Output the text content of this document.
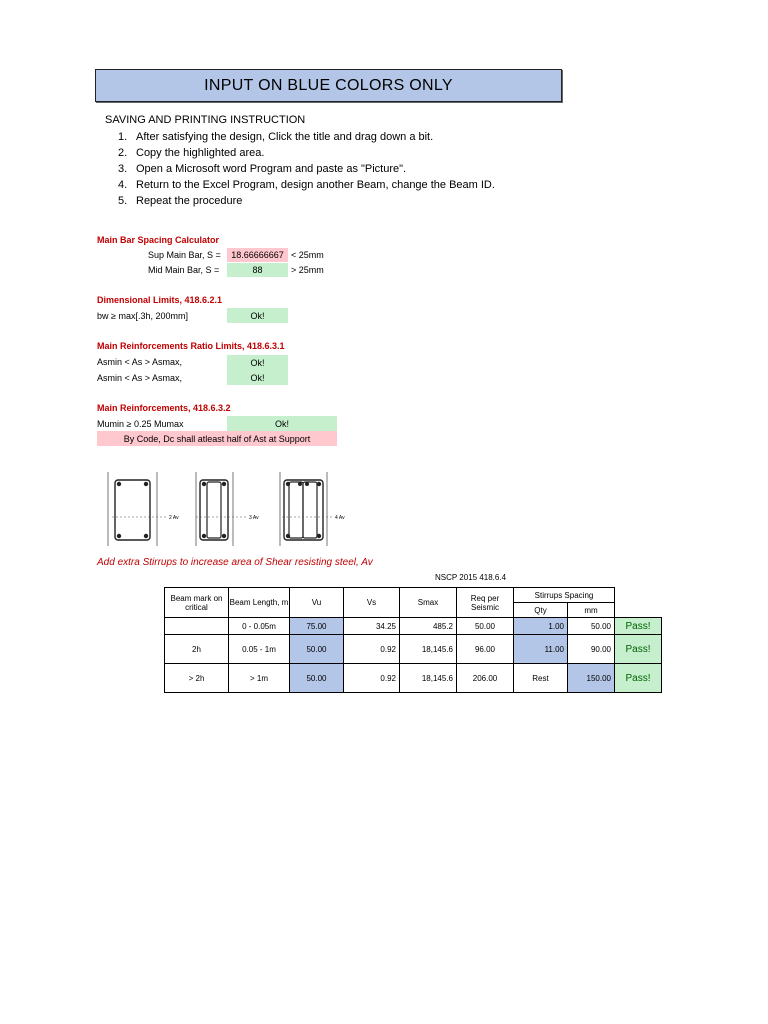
INPUT ON BLUE COLORS ONLY
SAVING AND PRINTING INSTRUCTION
1. After satisfying the design, Click the title and drag down a bit.
2. Copy the highlighted area.
3. Open a Microsoft word Program and paste as "Picture".
4. Return to the Excel Program, design another Beam, change the Beam ID.
5. Repeat the procedure
Main Bar Spacing Calculator
Sup Main Bar, S =	18.66666667 < 25mm
Mid Main Bar, S =	88	> 25mm
Dimensional Limits, 418.6.2.1
bw ≥ max[.3h, 200mm]	Ok!
Main Reinforcements Ratio Limits, 418.6.3.1
Asmin < As > Asmax,	Ok!
Asmin < As > Asmax,	Ok!
Main Reinforcements, 418.6.3.2
Mumin ≥ 0.25 Mumax	Ok!
By Code, Dc shall atleast half of Ast at Support
2 Av	3 Av	4 Av
Add extra Stirrups to increase area of Shear resisting steel, Av
NSCP 2015 418.6.4
Beam mark on critical	Beam Length, m	Vu	Vs	Smax	Req per Seismic	Stirrups Spacing		
						Qty	mm	
	0 - 0.05m	75.00	34.25	485.2	50.00	1.00	50.00	Pass!
2h	0.05 - 1m	50.00	0.92	18,145.6	96.00	11.00	90.00	Pass!
> 2h	> 1m	50.00	0.92	18,145.6	206.00	Rest	150.00	Pass!
